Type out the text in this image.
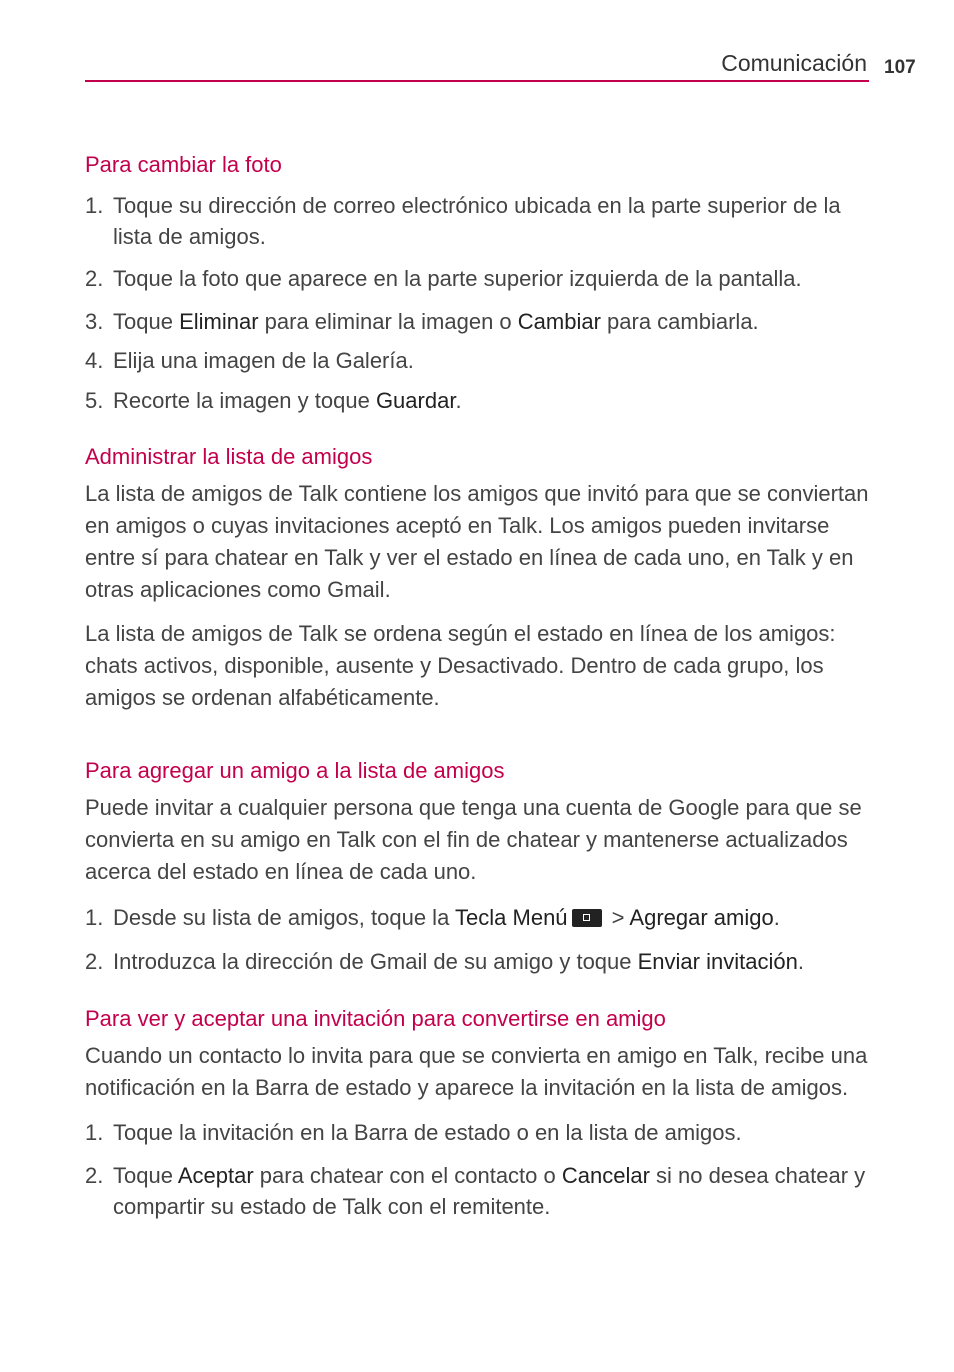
Comunicación 107
Para cambiar la foto
1. Toque su dirección de correo electrónico ubicada en la parte superior de la lista de amigos.
2. Toque la foto que aparece en la parte superior izquierda de la pantalla.
3. Toque Eliminar para eliminar la imagen o Cambiar para cambiarla.
4. Elija una imagen de la Galería.
5. Recorte la imagen y toque Guardar.
Administrar la lista de amigos

La lista de amigos de Talk contiene los amigos que invitó para que se conviertan en amigos o cuyas invitaciones aceptó en Talk. Los amigos pueden invitarse entre sí para chatear en Talk y ver el estado en línea de cada uno, en Talk y en otras aplicaciones como Gmail.

La lista de amigos de Talk se ordena según el estado en línea de los amigos: chats activos, disponible, ausente y Desactivado. Dentro de cada grupo, los amigos se ordenan alfabéticamente.

Para agregar un amigo a la lista de amigos

Puede invitar a cualquier persona que tenga una cuenta de Google para que se convierta en su amigo en Talk con el fin de chatear y mantenerse actualizados acerca del estado en línea de cada uno.

1. Desde su lista de amigos, toque la Tecla Menú > Agregar amigo.
2. Introduzca la dirección de Gmail de su amigo y toque Enviar invitación.
Para ver y aceptar una invitación para convertirse en amigo

Cuando un contacto lo invita para que se convierta en amigo en Talk, recibe una notificación en la Barra de estado y aparece la invitación en la lista de amigos.

1. Toque la invitación en la Barra de estado o en la lista de amigos.
2. Toque Aceptar para chatear con el contacto o Cancelar si no desea chatear y compartir su estado de Talk con el remitente.
